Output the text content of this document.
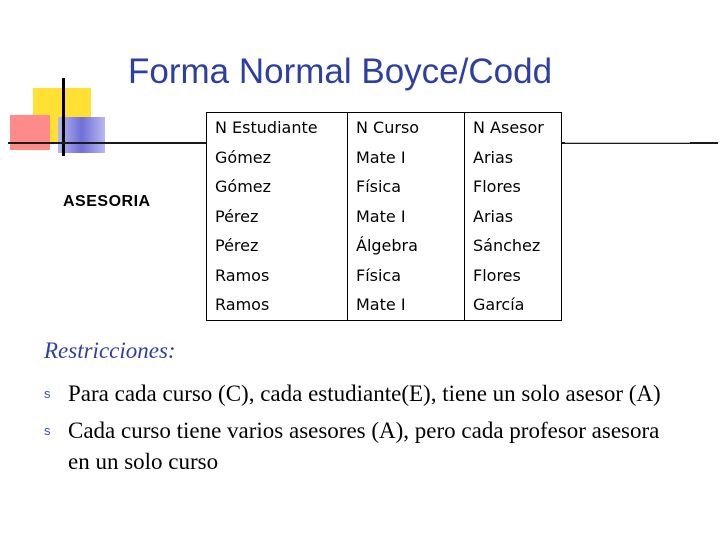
Forma Normal Boyce/Codd
ASESORIA
N Estudiante	N Curso	N Asesor
Gómez	Mate I	Arias
Gómez	Física	Flores
Pérez	Mate I	Arias
Pérez	Álgebra	Sánchez
Ramos	Física	Flores
Ramos	Mate I	García
Restricciones:
s Para cada curso (C), cada estudiante(E), tiene un solo asesor (A)
s Cada curso tiene varios asesores (A), pero cada profesor asesora en un solo curso
